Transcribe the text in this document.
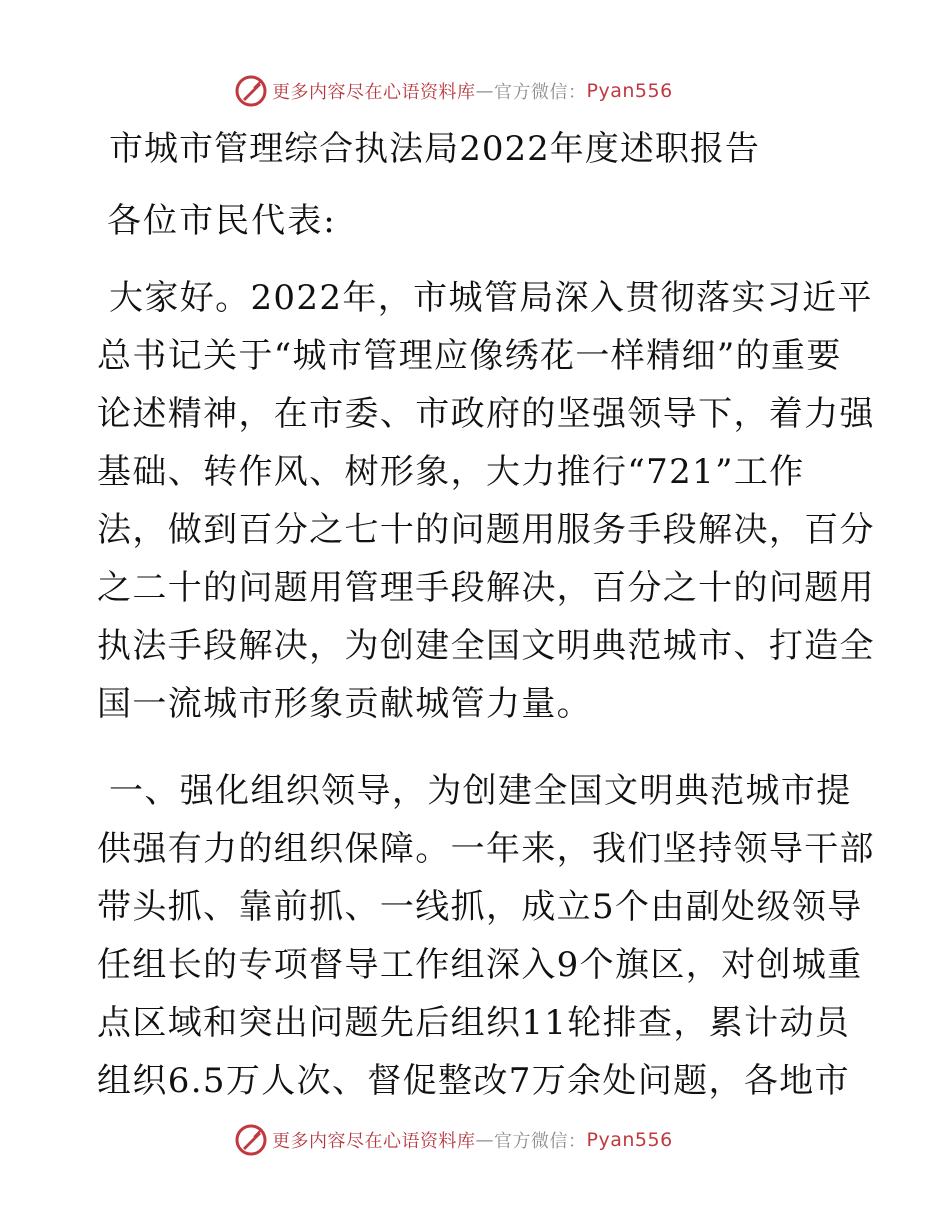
更多内容尽在心语资料库 — 官方微信： Pyan556
市城市管理综合执法局2022年度述职报告
各位市民代表:
大家好。2022年，市城管局深入贯彻落实习近平
总书记关于“城市管理应像绣花一样精细”的重要
论述精神，在市委、市政府的坚强领导下，着力强
基础、转作风、树形象，大力推行“721”工作
法，做到百分之七十的问题用服务手段解决，百分
之二十的问题用管理手段解决，百分之十的问题用
执法手段解决，为创建全国文明典范城市、打造全
国一流城市形象贡献城管力量。
一、强化组织领导，为创建全国文明典范城市提
供强有力的组织保障。一年来，我们坚持领导干部
带头抓、靠前抓、一线抓，成立5个由副处级领导
任组长的专项督导工作组深入9个旗区，对创城重
点区域和突出问题先后组织11轮排查，累计动员
组织6.5万人次、督促整改7万余处问题，各地市
更多内容尽在心语资料库 — 官方微信： Pyan556
